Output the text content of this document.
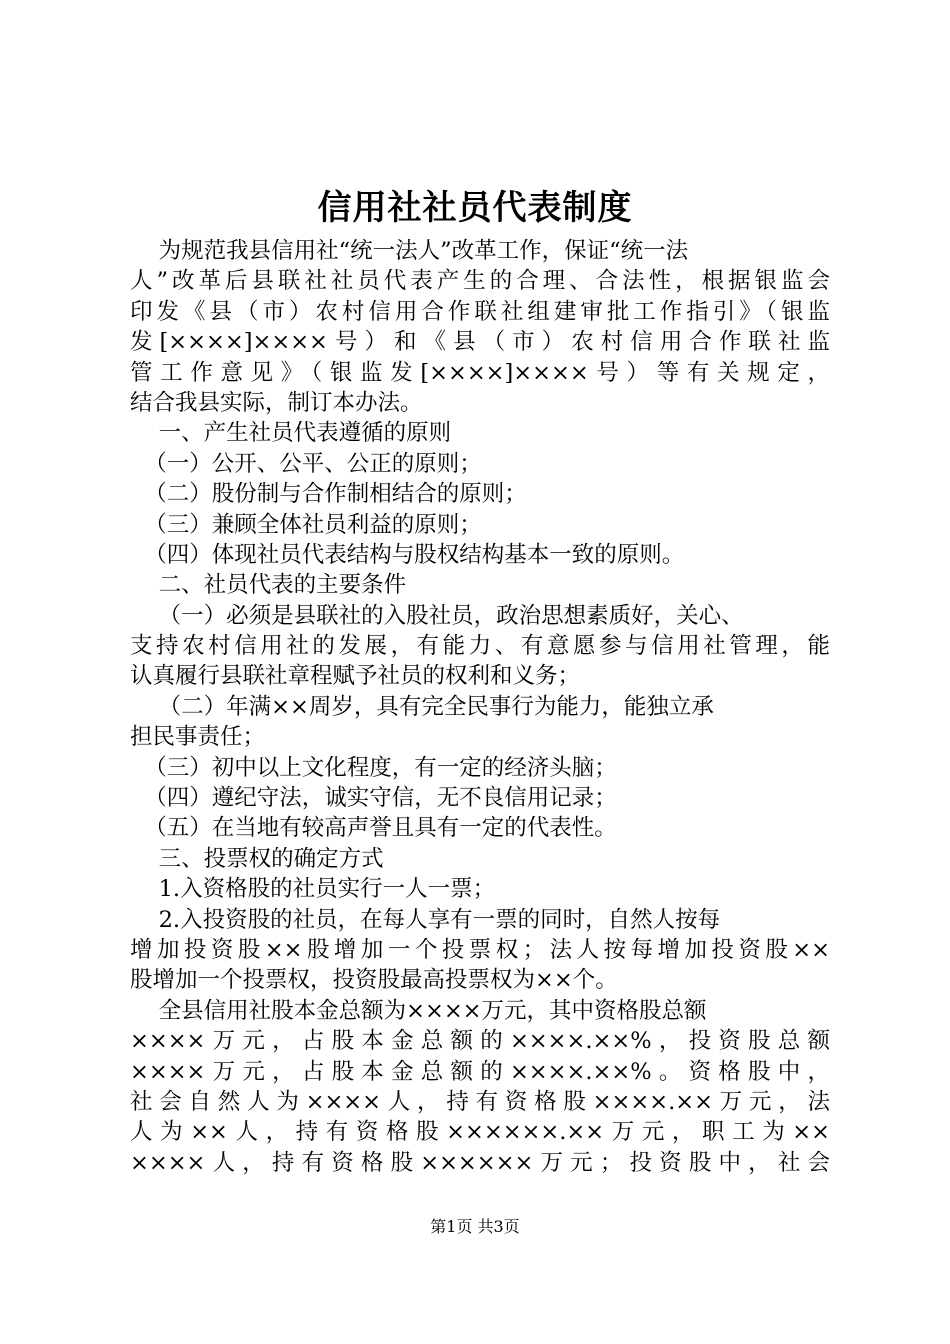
信用社社员代表制度
为规范我县信用社“统一法人”改革工作，保证“统一法
人”改革后县联社社员代表产生的合理、合法性，根据银监会
印发《县（市）农村信用合作联社组建审批工作指引》（银监
发[××××]××××号）和《县（市）农村信用合作联社监
管工作意见》（银监发[××××]××××号）等有关规定，
结合我县实际，制订本办法。
一、产生社员代表遵循的原则
（一）公开、公平、公正的原则；
（二）股份制与合作制相结合的原则；
（三）兼顾全体社员利益的原则；
（四）体现社员代表结构与股权结构基本一致的原则。
二、社员代表的主要条件
（一）必须是县联社的入股社员，政治思想素质好，关心、
支持农村信用社的发展，有能力、有意愿参与信用社管理，能
认真履行县联社章程赋予社员的权利和义务；
（二）年满××周岁，具有完全民事行为能力，能独立承
担民事责任；
（三）初中以上文化程度，有一定的经济头脑；
（四）遵纪守法，诚实守信，无不良信用记录；
（五）在当地有较高声誉且具有一定的代表性。
三、投票权的确定方式
1.入资格股的社员实行一人一票；
2.入投资股的社员，在每人享有一票的同时，自然人按每
增加投资股××股增加一个投票权；法人按每增加投资股××
股增加一个投票权，投资股最高投票权为××个。
全县信用社股本金总额为××××万元，其中资格股总额
××××万元，占股本金总额的××××.××%，投资股总额
××××万元，占股本金总额的××××.××%。资格股中，
社会自然人为××××人，持有资格股××××.××万元，法
人为××人，持有资格股××××××.××万元，职工为××
××××人，持有资格股××××××万元；投资股中，社会
第1页 共3页
